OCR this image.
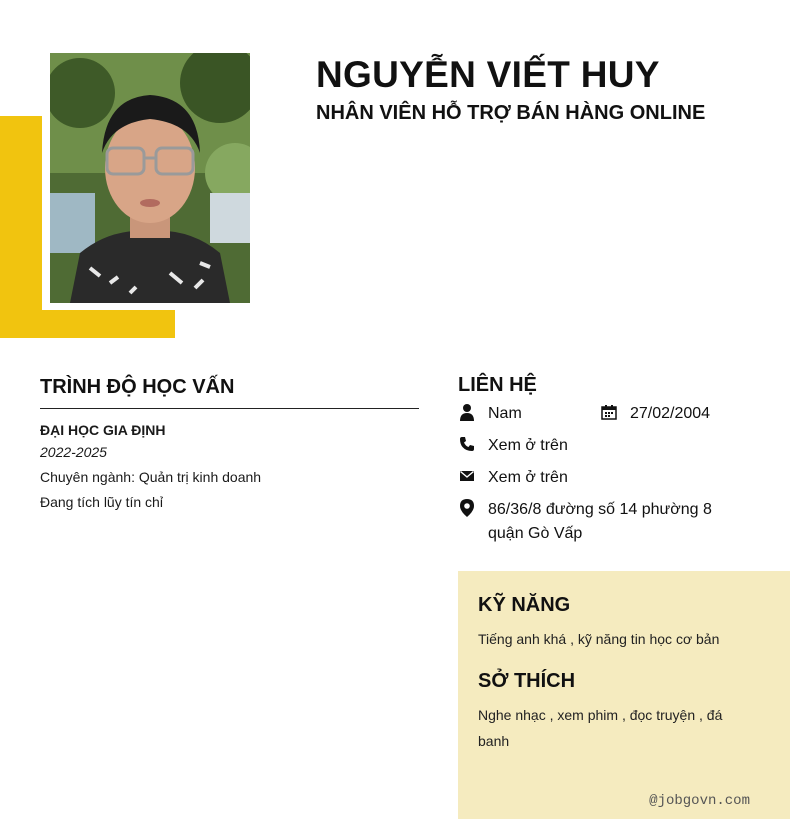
NGUYỄN VIẾT HUY
NHÂN VIÊN HỖ TRỢ BÁN HÀNG ONLINE
TRÌNH ĐỘ HỌC VẤN
ĐẠI HỌC GIA ĐỊNH
2022-2025
Chuyên ngành: Quản trị kinh doanh
Đang tích lũy tín chỉ
LIÊN HỆ
Nam	27/02/2004
Xem ở trên
Xem ở trên
86/36/8 đường số 14 phường 8
quận Gò Vấp
KỸ NĂNG
Tiếng anh khá , kỹ năng tin học cơ bản
SỞ THÍCH
Nghe nhạc , xem phim , đọc truyện , đá
banh
@jobgovn.com
